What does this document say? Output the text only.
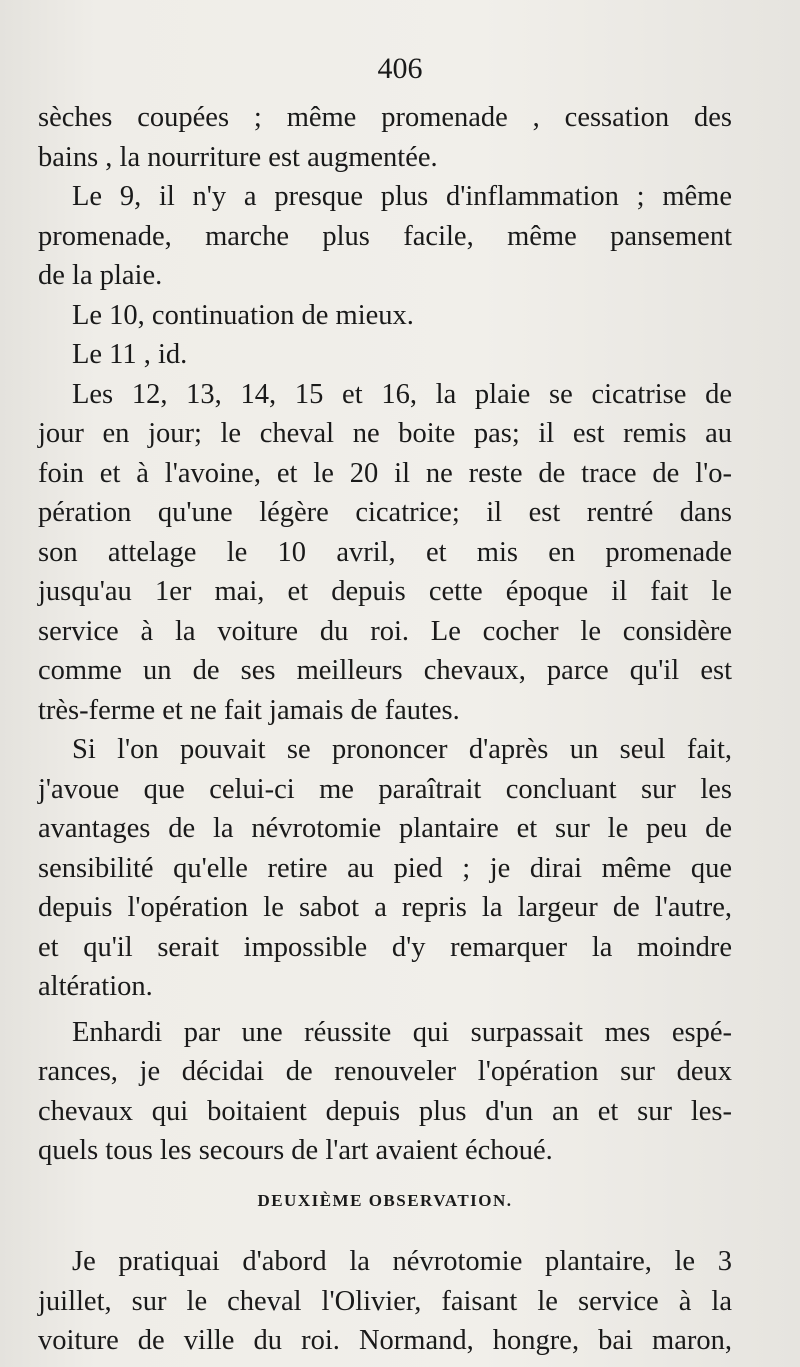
406
sèches coupées ; même promenade , cessation des
bains , la nourriture est augmentée.
Le 9, il n'y a presque plus d'inflammation ; même
promenade, marche plus facile, même pansement
de la plaie.
Le 10, continuation de mieux.
Le 11 , id.
Les 12, 13, 14, 15 et 16, la plaie se cicatrise de
jour en jour; le cheval ne boite pas; il est remis au
foin et à l'avoine, et le 20 il ne reste de trace de l'o-
pération qu'une légère cicatrice; il est rentré dans
son attelage le 10 avril, et mis en promenade
jusqu'au 1er mai, et depuis cette époque il fait le
service à la voiture du roi. Le cocher le considère
comme un de ses meilleurs chevaux, parce qu'il est
très-ferme et ne fait jamais de fautes.
Si l'on pouvait se prononcer d'après un seul fait,
j'avoue que celui-ci me paraîtrait concluant sur les
avantages de la névrotomie plantaire et sur le peu de
sensibilité qu'elle retire au pied ; je dirai même que
depuis l'opération le sabot a repris la largeur de l'autre,
et qu'il serait impossible d'y remarquer la moindre
altération.
Enhardi par une réussite qui surpassait mes espé-
rances, je décidai de renouveler l'opération sur deux
chevaux qui boitaient depuis plus d'un an et sur les-
quels tous les secours de l'art avaient échoué.
DEUXIÈME OBSERVATION.
Je pratiquai d'abord la névrotomie plantaire, le 3
juillet, sur le cheval l'Olivier, faisant le service à la
voiture de ville du roi. Normand, hongre, bai maron,
